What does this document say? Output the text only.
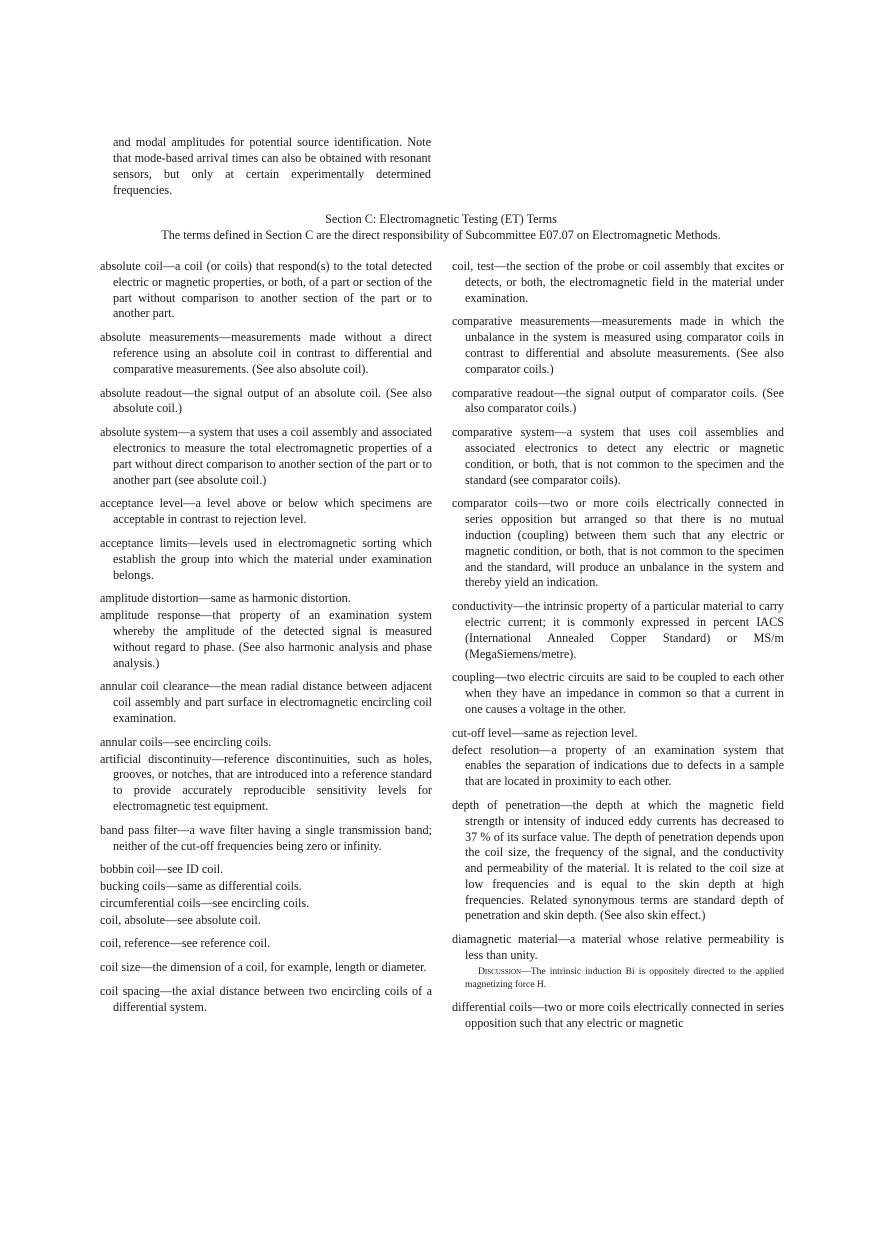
and modal amplitudes for potential source identification. Note that mode-based arrival times can also be obtained with resonant sensors, but only at certain experimentally determined frequencies.

Section C: Electromagnetic Testing (ET) Terms
The terms defined in Section C are the direct responsibility of Subcommittee E07.07 on Electromagnetic Methods.

absolute coil—a coil (or coils) that respond(s) to the total detected electric or magnetic properties, or both, of a part or section of the part without comparison to another section of the part or to another part.

absolute measurements—measurements made without a direct reference using an absolute coil in contrast to differential and comparative measurements. (See also absolute coil).

absolute readout—the signal output of an absolute coil. (See also absolute coil.)

absolute system—a system that uses a coil assembly and associated electronics to measure the total electromagnetic properties of a part without direct comparison to another section of the part or to another part (see absolute coil.)

acceptance level—a level above or below which specimens are acceptable in contrast to rejection level.

acceptance limits—levels used in electromagnetic sorting which establish the group into which the material under examination belongs.

amplitude distortion—same as harmonic distortion.

amplitude response—that property of an examination system whereby the amplitude of the detected signal is measured without regard to phase. (See also harmonic analysis and phase analysis.)

annular coil clearance—the mean radial distance between adjacent coil assembly and part surface in electromagnetic encircling coil examination.

annular coils—see encircling coils.

artificial discontinuity—reference discontinuities, such as holes, grooves, or notches, that are introduced into a reference standard to provide accurately reproducible sensitivity levels for electromagnetic test equipment.

band pass filter—a wave filter having a single transmission band; neither of the cut-off frequencies being zero or infinity.

bobbin coil—see ID coil.

bucking coils—same as differential coils.

circumferential coils—see encircling coils.

coil, absolute—see absolute coil.

coil, reference—see reference coil.

coil size—the dimension of a coil, for example, length or diameter.

coil spacing—the axial distance between two encircling coils of a differential system.

coil, test—the section of the probe or coil assembly that excites or detects, or both, the electromagnetic field in the material under examination.

comparative measurements—measurements made in which the unbalance in the system is measured using comparator coils in contrast to differential and absolute measurements. (See also comparator coils.)

comparative readout—the signal output of comparator coils. (See also comparator coils.)

comparative system—a system that uses coil assemblies and associated electronics to detect any electric or magnetic condition, or both, that is not common to the specimen and the standard (see comparator coils).

comparator coils—two or more coils electrically connected in series opposition but arranged so that there is no mutual induction (coupling) between them such that any electric or magnetic condition, or both, that is not common to the specimen and the standard, will produce an unbalance in the system and thereby yield an indication.

conductivity—the intrinsic property of a particular material to carry electric current; it is commonly expressed in percent IACS (International Annealed Copper Standard) or MS/m (MegaSiemens/metre).

coupling—two electric circuits are said to be coupled to each other when they have an impedance in common so that a current in one causes a voltage in the other.

cut-off level—same as rejection level.

defect resolution—a property of an examination system that enables the separation of indications due to defects in a sample that are located in proximity to each other.

depth of penetration—the depth at which the magnetic field strength or intensity of induced eddy currents has decreased to 37 % of its surface value. The depth of penetration depends upon the coil size, the frequency of the signal, and the conductivity and permeability of the material. It is related to the coil size at low frequencies and is equal to the skin depth at high frequencies. Related synonymous terms are standard depth of penetration and skin depth. (See also skin effect.)

diamagnetic material—a material whose relative permeability is less than unity.

Discussion—The intrinsic induction Bi is oppositely directed to the applied magnetizing force H.

differential coils—two or more coils electrically connected in series opposition such that any electric or magnetic
